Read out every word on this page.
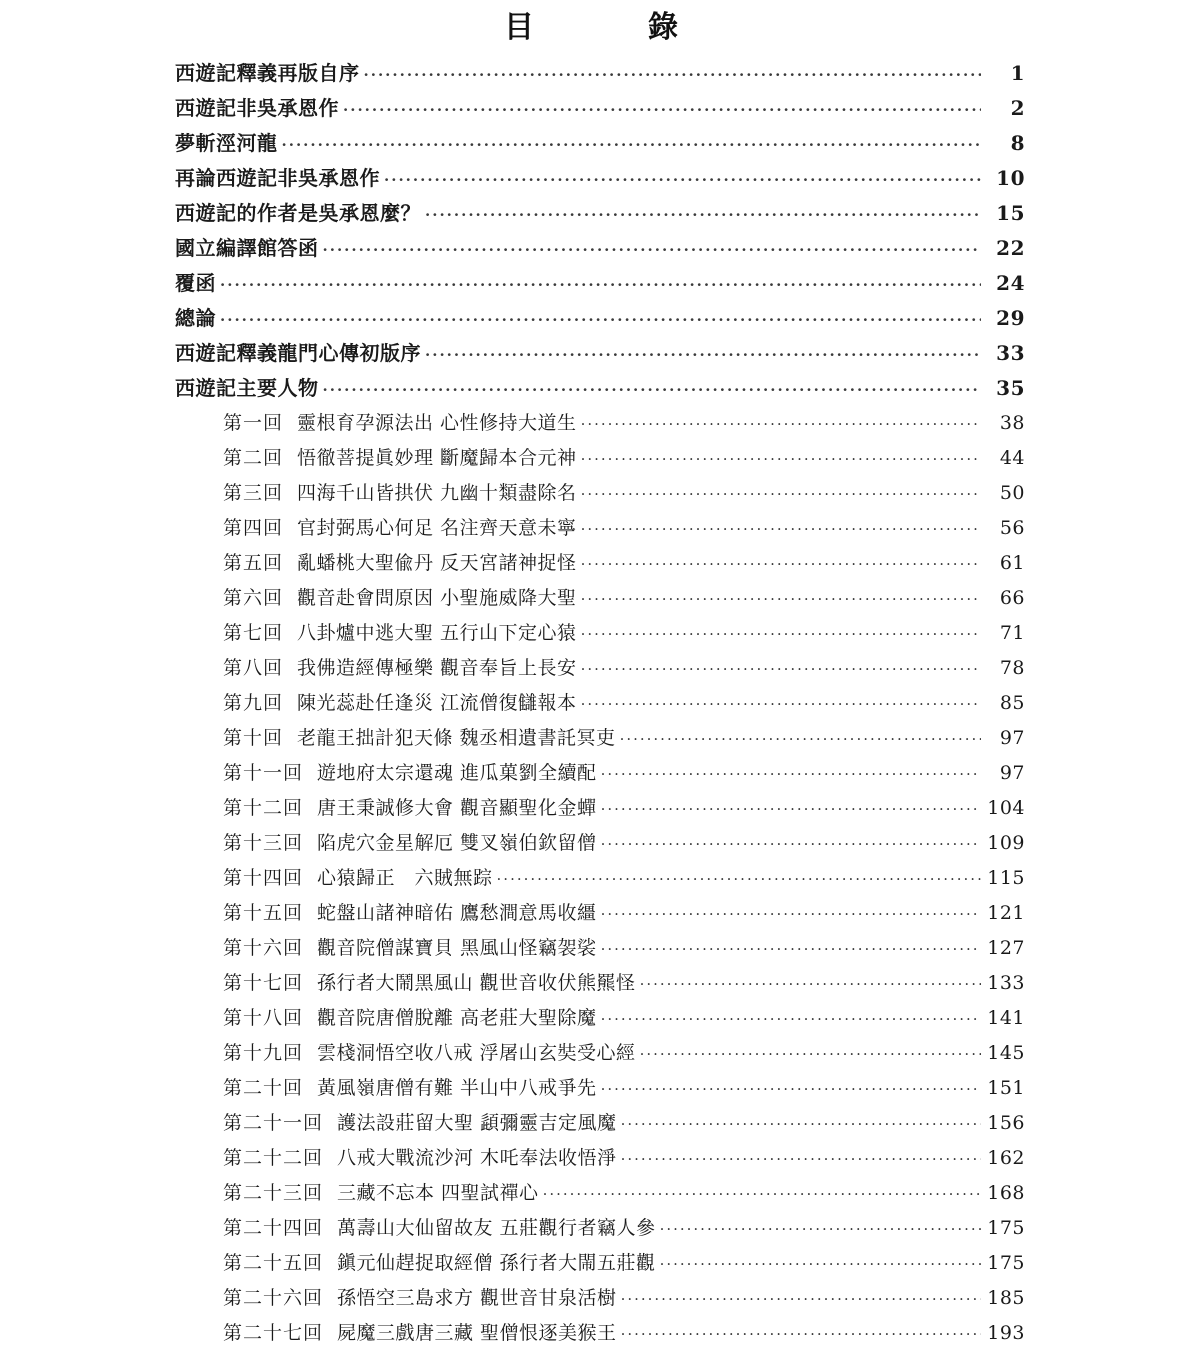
目　　錄
西遊記釋義再版自序 .....	1
西遊記非吳承恩作 .....	2
夢斬涇河龍 .....	8
再論西遊記非吳承恩作 .....	10
西遊記的作者是吳承恩麼？ .....	15
國立編譯館答函 .....	22
覆函 .....	24
總論 .....	29
西遊記釋義龍門心傳初版序 .....	33
西遊記主要人物 .....	35
第一回 靈根育孕源法出 心性修持大道生 .....	38
第二回 悟徹菩提眞妙理 斷魔歸本合元神 .....	44
第三回 四海千山皆拱伏 九幽十類盡除名 .....	50
第四回 官封弼馬心何足 名注齊天意未寧 .....	56
第五回 亂蟠桃大聖偸丹 反天宮諸神捉怪 .....	61
第六回 觀音赴會問原因 小聖施威降大聖 .....	66
第七回 八卦爐中逃大聖 五行山下定心猿 .....	71
第八回 我佛造經傳極樂 觀音奉旨上長安 .....	78
第九回 陳光蕊赴任逢災 江流僧復讎報本 .....	85
第十回 老龍王拙計犯天條 魏丞相遺書託冥吏 .....	97
第十一回 遊地府太宗還魂 進瓜菓劉全續配 .....	97
第十二回 唐王秉誠修大會 觀音顯聖化金蟬 .....	104
第十三回 陷虎穴金星解厄 雙叉嶺伯欽留僧 .....	109
第十四回 心猿歸正　六賊無踪 .....	115
第十五回 蛇盤山諸神暗佑 鷹愁澗意馬收繮 .....	121
第十六回 觀音院僧謀寶貝 黑風山怪竊袈裟 .....	127
第十七回 孫行者大鬧黑風山 觀世音收伏熊羆怪 .....	133
第十八回 觀音院唐僧脫離 高老莊大聖除魔 .....	141
第十九回 雲棧洞悟空收八戒 浮屠山玄奘受心經 .....	145
第二十回 黃風嶺唐僧有難 半山中八戒爭先 .....	151
第二十一回 護法設莊留大聖 頿彌靈吉定風魔 .....	156
第二十二回 八戒大戰流沙河 木吒奉法收悟淨 .....	162
第二十三回 三藏不忘本 四聖試禪心 .....	168
第二十四回 萬壽山大仙留故友 五莊觀行者竊人參 .....	175
第二十五回 鎭元仙趕捉取經僧 孫行者大閙五莊觀 .....	175
第二十六回 孫悟空三島求方 觀世音甘泉活樹 .....	185
第二十七回 屍魔三戲唐三藏 聖僧恨逐美猴王 .....	193
